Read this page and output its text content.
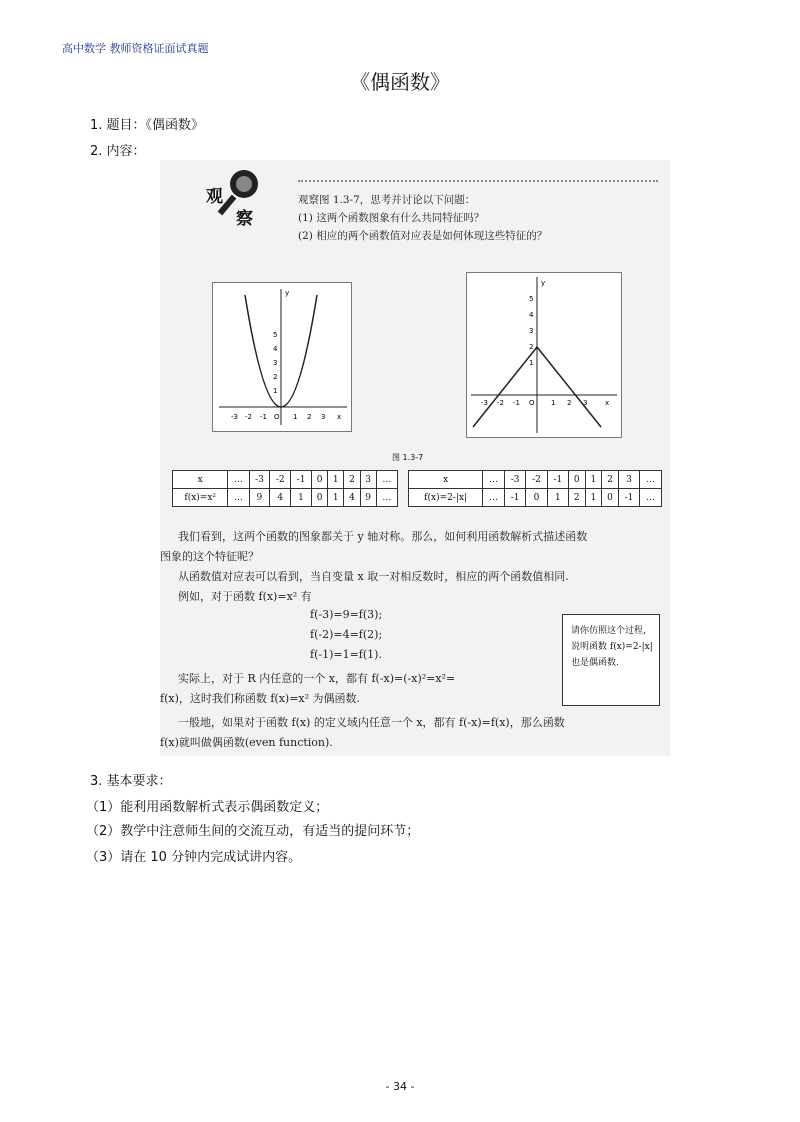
高中数学 教师资格证面试真题
《偶函数》
1. 题目：《偶函数》
2. 内容：
观
察
观察图 1.3-7，思考并讨论以下问题：
(1) 这两个函数图象有什么共同特征吗？
(2) 相应的两个函数值对应表是如何体现这些特征的？
-3 -2 -1 O 1 2 3 x
5
4
3
2
1
y
-3 -2 -1 O 1 2 3	x
5
4
3
2
1
y
图 1.3-7
x	…	-3	-2	-1	0	1	2	3	…
f(x)=x²	…	9	4	1	0	1	4	9	…
x	…	-3	-2	-1	0	1	2	3	…
f(x)=2-|x|	…	-1	0	1	2	1	0	-1	…
我们看到，这两个函数的图象都关于 y 轴对称。那么，如何利用函数解析式描述函数
图象的这个特征呢？
从函数值对应表可以看到，当自变量 x 取一对相反数时，相应的两个函数值相同.
例如，对于函数 f(x)=x² 有
f(-3)=9=f(3);
f(-2)=4=f(2);
f(-1)=1=f(1).
实际上，对于 R 内任意的一个 x，都有 f(-x)=(-x)²=x²=
f(x)，这时我们称函数 f(x)=x² 为偶函数.
一般地，如果对于函数 f(x) 的定义域内任意一个 x，都有 f(-x)=f(x)，那么函数
f(x)就叫做偶函数(even function).
请你仿照这个过程，说明函数 f(x)=2-|x| 也是偶函数.
3. 基本要求：
（1）能利用函数解析式表示偶函数定义；
（2）教学中注意师生间的交流互动，有适当的提问环节；
（3）请在 10 分钟内完成试讲内容。
- 34 -
